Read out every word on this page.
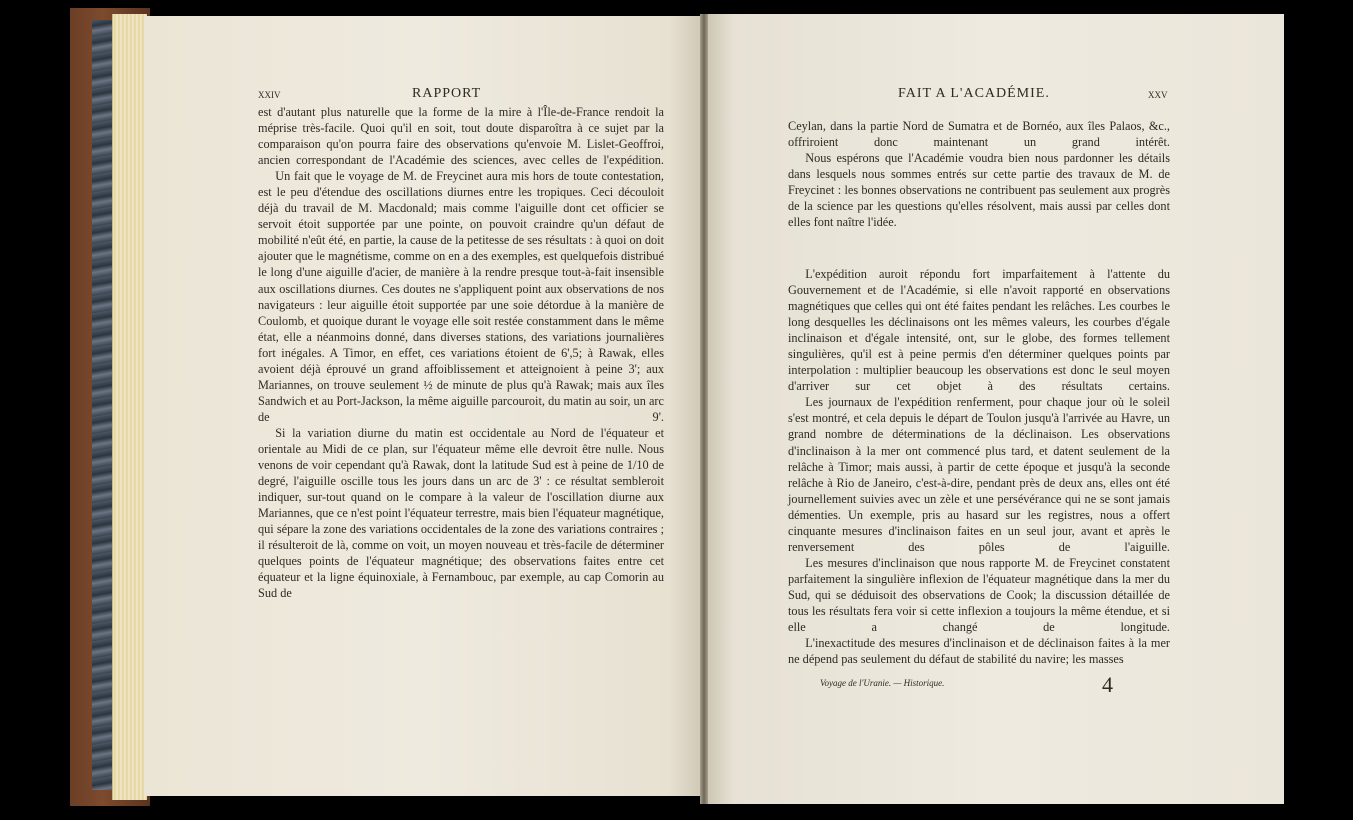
xxiv	RAPPORT

est d'autant plus naturelle que la forme de la mire à l'Île-de-France rendoit la méprise très-facile. Quoi qu'il en soit, tout doute disparoîtra à ce sujet par la comparaison qu'on pourra faire des observations qu'envoie M. Lislet-Geoffroi, ancien correspondant de l'Académie des sciences, avec celles de l'expédition.

Un fait que le voyage de M. de Freycinet aura mis hors de toute contestation, est le peu d'étendue des oscillations diurnes entre les tropiques. Ceci découloit déjà du travail de M. Macdonald; mais comme l'aiguille dont cet officier se servoit étoit supportée par une pointe, on pouvoit craindre qu'un défaut de mobilité n'eût été, en partie, la cause de la petitesse de ses résultats : à quoi on doit ajouter que le magnétisme, comme on en a des exemples, est quelquefois distribué le long d'une aiguille d'acier, de manière à la rendre presque tout-à-fait insensible aux oscillations diurnes. Ces doutes ne s'appliquent point aux observations de nos navigateurs : leur aiguille étoit supportée par une soie détordue à la manière de Coulomb, et quoique durant le voyage elle soit restée constamment dans le même état, elle a néanmoins donné, dans diverses stations, des variations journalières fort inégales. A Timor, en effet, ces variations étoient de 6',5; à Rawak, elles avoient déjà éprouvé un grand affoiblissement et atteignoient à peine 3'; aux Mariannes, on trouve seulement ½ de minute de plus qu'à Rawak; mais aux îles Sandwich et au Port-Jackson, la même aiguille parcouroit, du matin au soir, un arc de 9'.

Si la variation diurne du matin est occidentale au Nord de l'équateur et orientale au Midi de ce plan, sur l'équateur même elle devroit être nulle. Nous venons de voir cependant qu'à Rawak, dont la latitude Sud est à peine de 1/10 de degré, l'aiguille oscille tous les jours dans un arc de 3' : ce résultat sembleroit indiquer, sur-tout quand on le compare à la valeur de l'oscillation diurne aux Mariannes, que ce n'est point l'équateur terrestre, mais bien l'équateur magnétique, qui sépare la zone des variations occidentales de la zone des variations contraires ; il résulteroit de là, comme on voit, un moyen nouveau et très-facile de déterminer quelques points de l'équateur magnétique; des observations faites entre cet équateur et la ligne équinoxiale, à Fernambouc, par exemple, au cap Comorin au Sud de

FAIT A L'ACADÉMIE.	xxv

Ceylan, dans la partie Nord de Sumatra et de Bornéo, aux îles Palaos, &c., offriroient donc maintenant un grand intérêt.

Nous espérons que l'Académie voudra bien nous pardonner les détails dans lesquels nous sommes entrés sur cette partie des travaux de M. de Freycinet : les bonnes observations ne contribuent pas seulement aux progrès de la science par les questions qu'elles résolvent, mais aussi par celles dont elles font naître l'idée.

L'expédition auroit répondu fort imparfaitement à l'attente du Gouvernement et de l'Académie, si elle n'avoit rapporté en observations magnétiques que celles qui ont été faites pendant les relâches. Les courbes le long desquelles les déclinaisons ont les mêmes valeurs, les courbes d'égale inclinaison et d'égale intensité, ont, sur le globe, des formes tellement singulières, qu'il est à peine permis d'en déterminer quelques points par interpolation : multiplier beaucoup les observations est donc le seul moyen d'arriver sur cet objet à des résultats certains.

Les journaux de l'expédition renferment, pour chaque jour où le soleil s'est montré, et cela depuis le départ de Toulon jusqu'à l'arrivée au Havre, un grand nombre de déterminations de la déclinaison. Les observations d'inclinaison à la mer ont commencé plus tard, et datent seulement de la relâche à Timor; mais aussi, à partir de cette époque et jusqu'à la seconde relâche à Rio de Janeiro, c'est-à-dire, pendant près de deux ans, elles ont été journellement suivies avec un zèle et une persévérance qui ne se sont jamais démenties. Un exemple, pris au hasard sur les registres, nous a offert cinquante mesures d'inclinaison faites en un seul jour, avant et après le renversement des pôles de l'aiguille.

Les mesures d'inclinaison que nous rapporte M. de Freycinet constatent parfaitement la singulière inflexion de l'équateur magnétique dans la mer du Sud, qui se déduisoit des observations de Cook; la discussion détaillée de tous les résultats fera voir si cette inflexion a toujours la même étendue, et si elle a changé de longitude.

L'inexactitude des mesures d'inclinaison et de déclinaison faites à la mer ne dépend pas seulement du défaut de stabilité du navire; les masses

Voyage de l'Uranie. — Historique.	4
